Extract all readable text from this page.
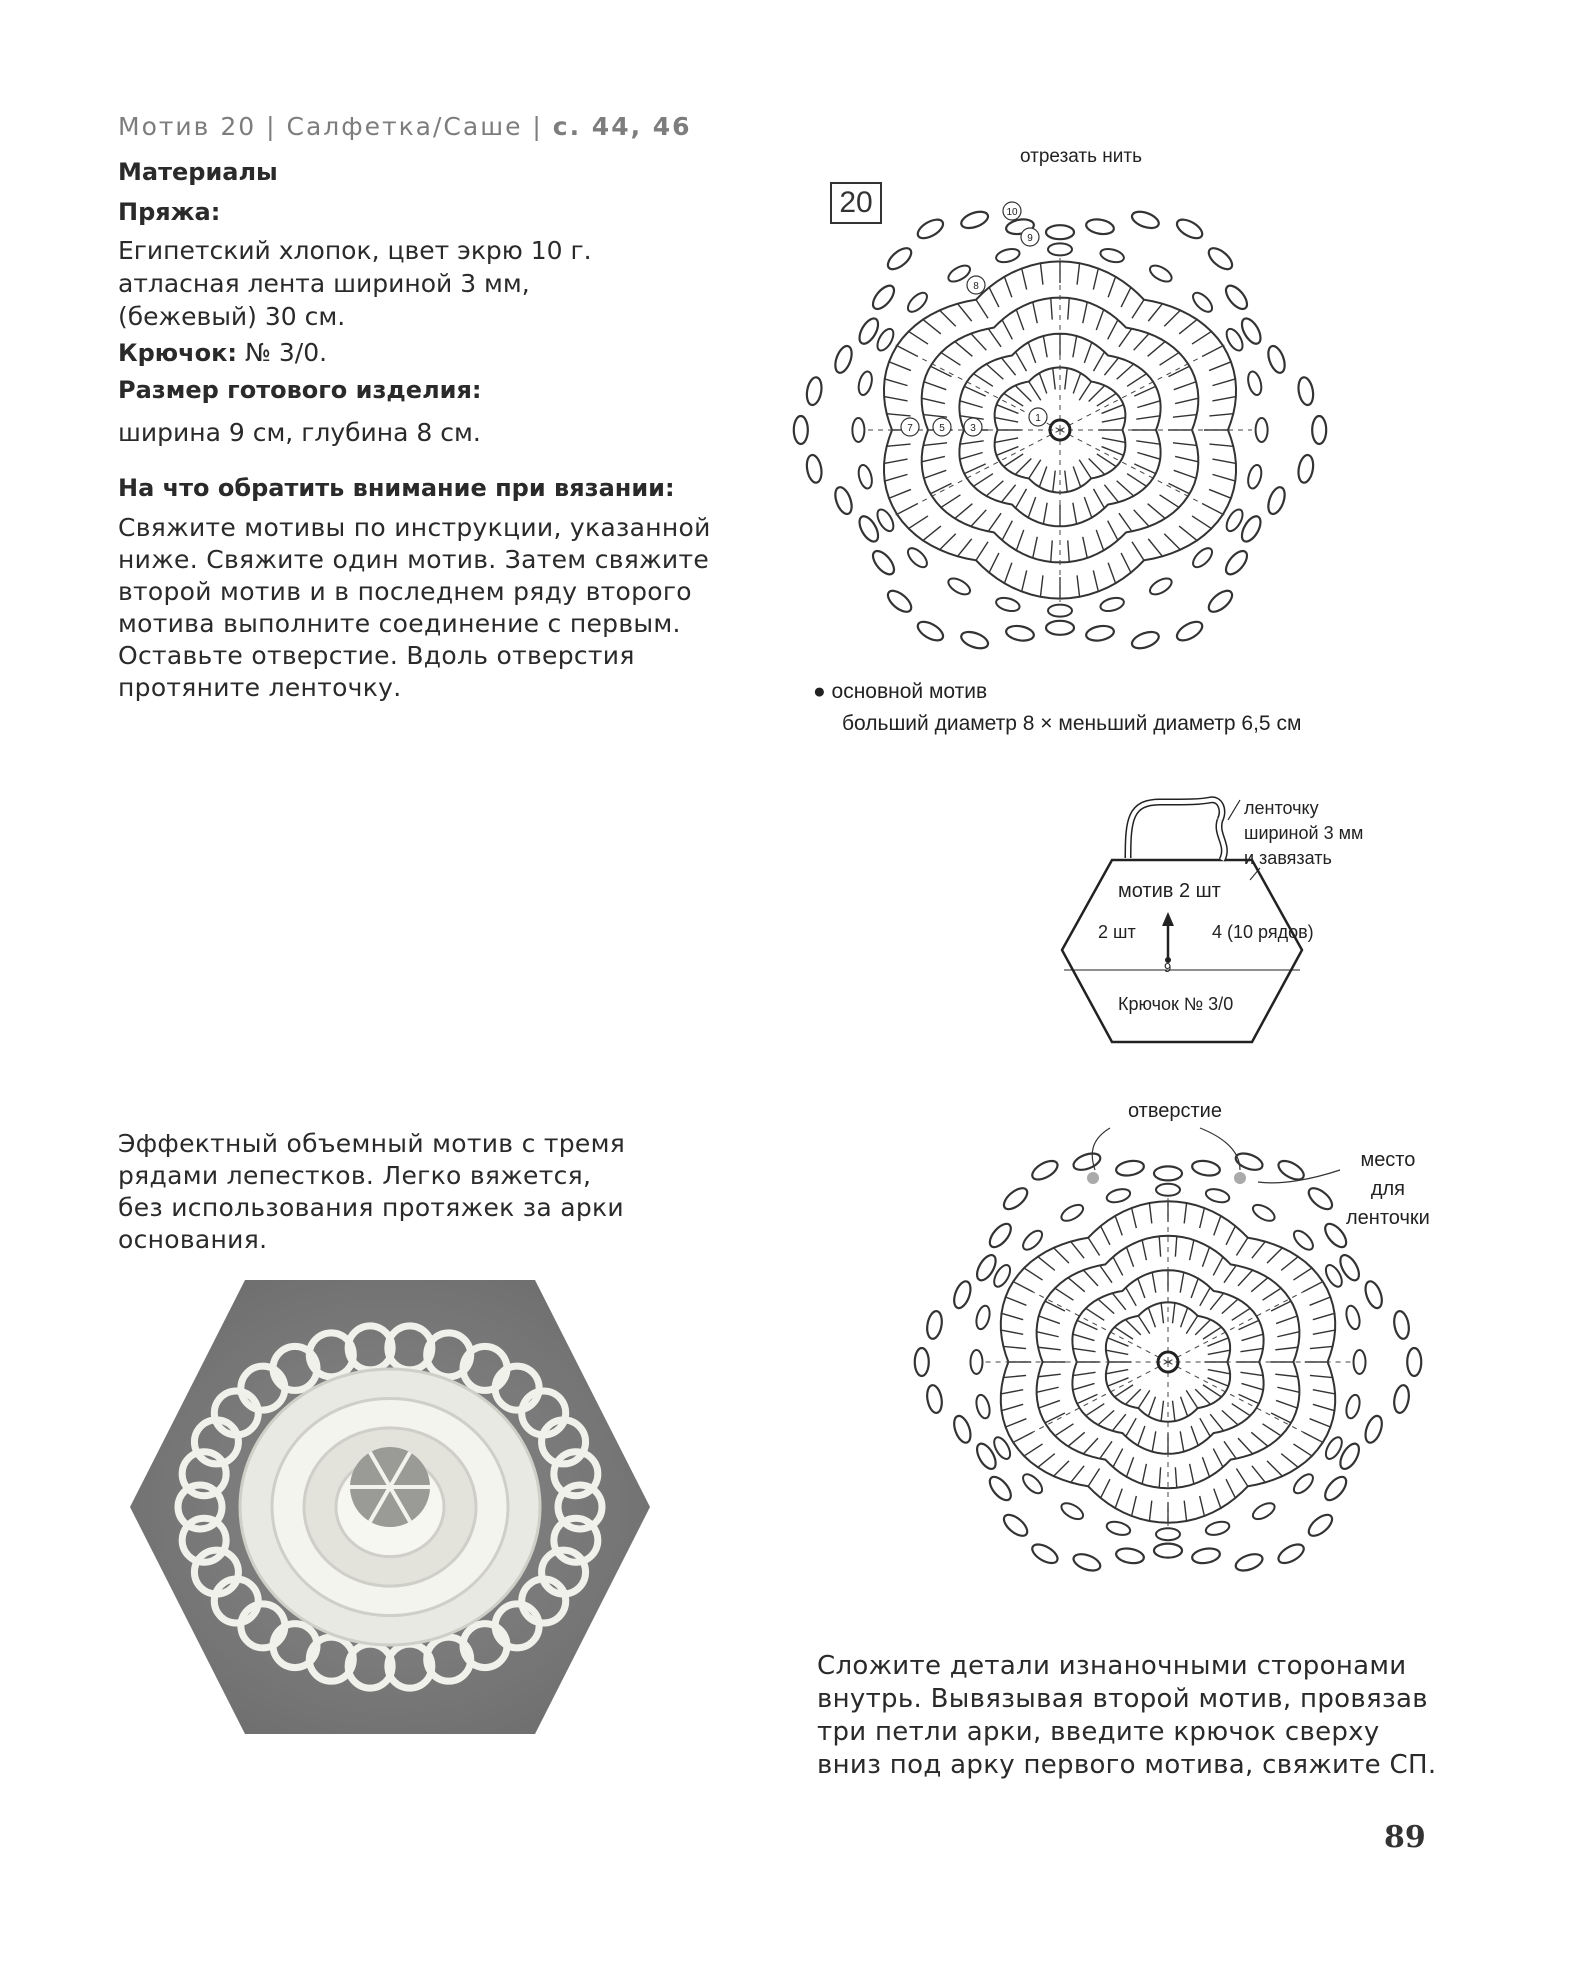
Мотив 20 | Салфетка/Саше | с. 44, 46
Материалы
Пряжа:
Египетский хлопок, цвет экрю 10 г.
атласная лента шириной 3 мм,
(бежевый) 30 см.
Крючок: № 3/0.
Размер готового изделия:
ширина 9 см, глубина 8 см.
На что обратить внимание при вязании:
Свяжите мотивы по инструкции, указанной
ниже. Свяжите один мотив. Затем свяжите
второй мотив и в последнем ряду второго
мотива выполните соединение с первым.
Оставьте отверстие. Вдоль отверстия
протяните ленточку.
отрезать нить
20
1
3
5
7
8
9
10
● основной мотив
больший диаметр 8 × меньший диаметр 6,5 см
ленточку
шириной 3 мм
и завязать
мотив 2 шт
2 шт	4 (10 рядов)
9
Крючок № 3/0
Эффектный объемный мотив с тремя
рядами лепестков. Легко вяжется,
без использования протяжек за арки
основания.
отверстие
место
для
ленточки
Сложите детали изнаночными сторонами
внутрь. Вывязывая второй мотив, провязав
три петли арки, введите крючок сверху
вниз под арку первого мотива, свяжите СП.
89
